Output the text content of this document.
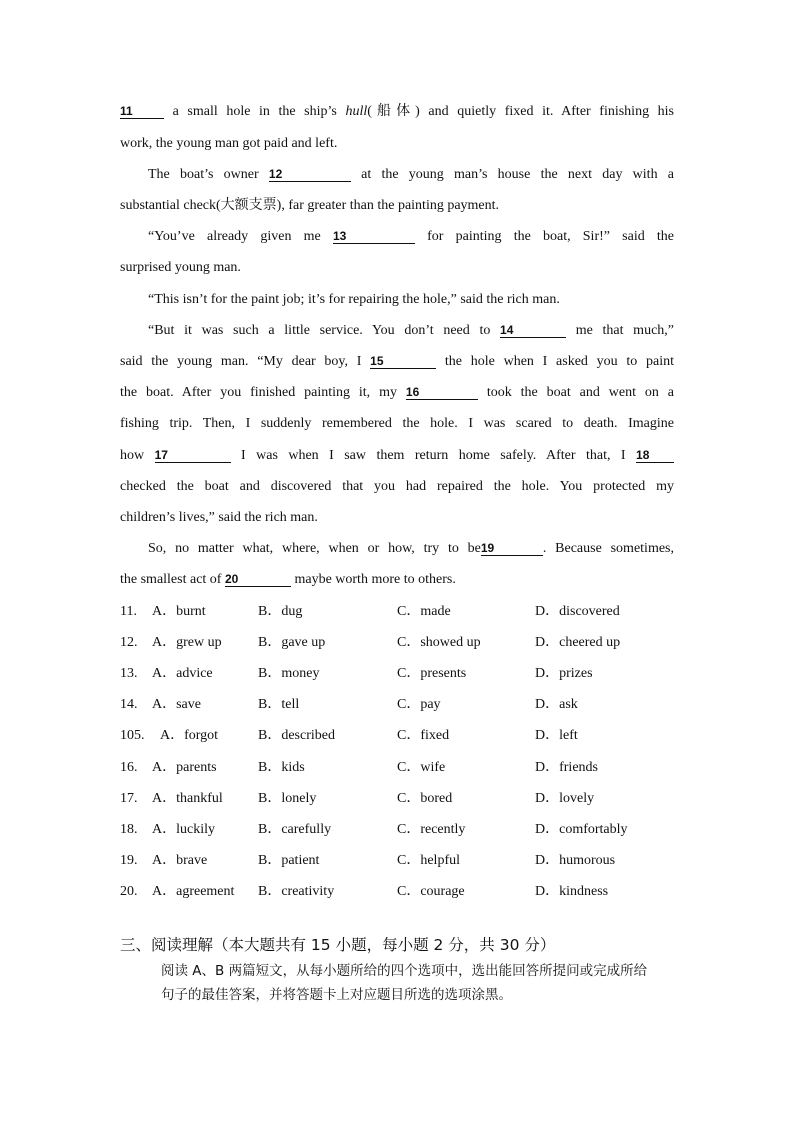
11	a small hole in the ship’s hull(船体) and quietly fixed it. After finishing his
work, the young man got paid and left.
The boat’s owner 12	at the young man’s house the next day with a
substantial check(大额支票), far greater than the painting payment.
“You’ve already given me 13	for painting the boat, Sir!” said the
surprised young man.
“This isn’t for the paint job; it’s for repairing the hole,” said the rich man.
“But it was such a little service. You don’t need to 14	me that much,”
said the young man. “My dear boy, I 15	the hole when I asked you to paint
the boat. After you finished painting it, my 16	took the boat and went on a
fishing trip. Then, I suddenly remembered the hole. I was scared to death. Imagine
how 17	I was when I saw them return home safely. After that, I 18
checked the boat and discovered that you had repaired the hole. You protected my
children’s lives,” said the rich man.
So, no matter what, where, when or how, try to be19	. Because sometimes,
the smallest act of 20	maybe worth more to others.
11. A．burnt	B．dug	C．made	D．discovered
12. A．grew up	B．gave up	C．showed up	D．cheered up
13. A．advice	B．money	C．presents	D．prizes
14. A．save	B．tell	C．pay	D．ask
105. A．forgot	B．described	C．fixed	D．left
16. A．parents	B．kids	C．wife	D．friends
17. A．thankful	B．lonely	C．bored	D．lovely
18. A．luckily	B．carefully	C．recently	D．comfortably
19. A．brave	B．patient	C．helpful	D．humorous
20. A．agreement B．creativity	C．courage	D．kindness
三、阅读理解（本大题共有 15 小题，每小题 2 分，共 30 分）
阅读 A、B 两篇短文，从每小题所给的四个选项中，选出能回答所提问或完成所给
句子的最佳答案，并将答题卡上对应题目所选的选项涂黑。
